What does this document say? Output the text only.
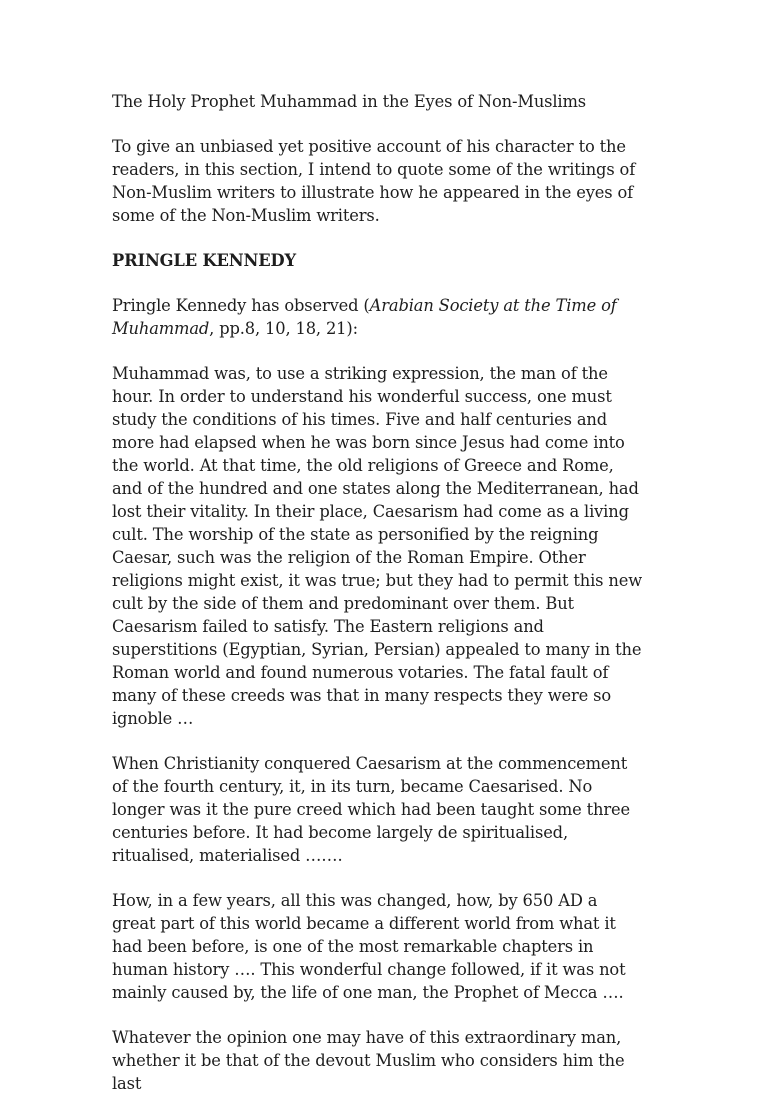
The Holy Prophet Muhammad in the Eyes of Non-Muslims

To give an unbiased yet positive account of his character to the readers, in this section, I intend to quote some of the writings of Non-Muslim writers to illustrate how he appeared in the eyes of some of the Non-Muslim writers.

PRINGLE KENNEDY

Pringle Kennedy has observed (Arabian Society at the Time of Muhammad, pp.8, 10, 18, 21):

Muhammad was, to use a striking expression, the man of the hour. In order to understand his wonderful success, one must study the conditions of his times. Five and half centuries and more had elapsed when he was born since Jesus had come into the world. At that time, the old religions of Greece and Rome, and of the hundred and one states along the Mediterranean, had lost their vitality. In their place, Caesarism had come as a living cult. The worship of the state as personified by the reigning Caesar, such was the religion of the Roman Empire. Other religions might exist, it was true; but they had to permit this new cult by the side of them and predominant over them. But Caesarism failed to satisfy. The Eastern religions and superstitions (Egyptian, Syrian, Persian) appealed to many in the Roman world and found numerous votaries. The fatal fault of many of these creeds was that in many respects they were so ignoble …

When Christianity conquered Caesarism at the commencement of the fourth century, it, in its turn, became Caesarised. No longer was it the pure creed which had been taught some three centuries before. It had become largely de spiritualised, ritualised, materialised …….

How, in a few years, all this was changed, how, by 650 AD a great part of this world became a different world from what it had been before, is one of the most remarkable chapters in human history …. This wonderful change followed, if it was not mainly caused by, the life of one man, the Prophet of Mecca ….

Whatever the opinion one may have of this extraordinary man, whether it be that of the devout Muslim who considers him the last
